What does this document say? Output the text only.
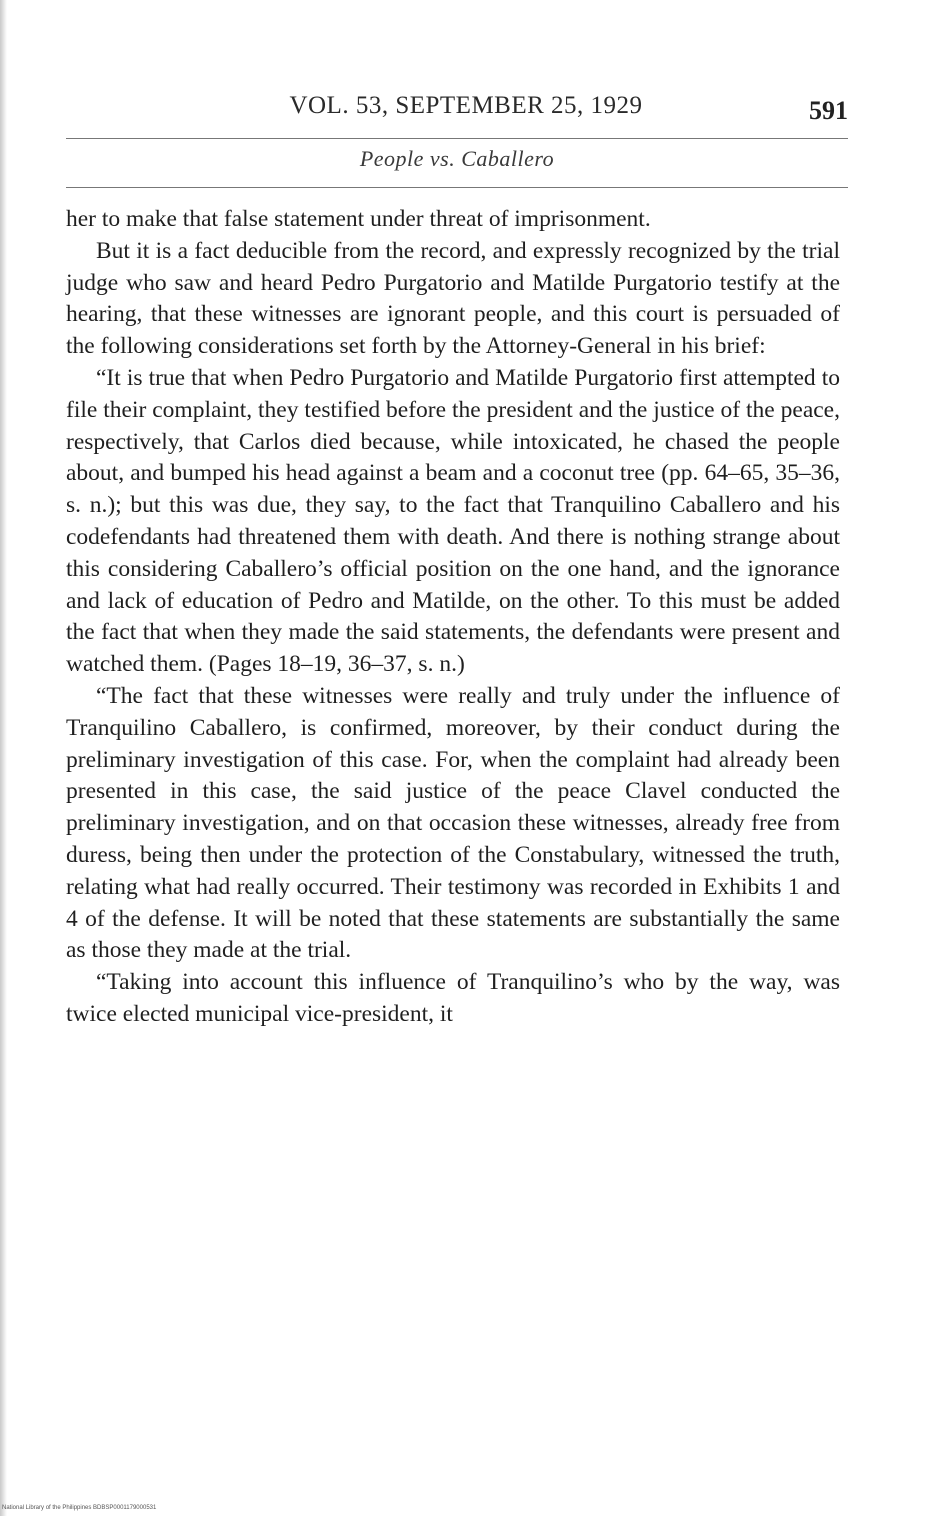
VOL. 53, SEPTEMBER 25, 1929	591
People vs. Caballero

her to make that false statement under threat of imprisonment.

But it is a fact deducible from the record, and expressly recognized by the trial judge who saw and heard Pedro Purgatorio and Matilde Purgatorio testify at the hearing, that these witnesses are ignorant people, and this court is persuaded of the following considerations set forth by the Attorney-General in his brief:

“It is true that when Pedro Purgatorio and Matilde Purgatorio first attempted to file their complaint, they testified before the president and the justice of the peace, respectively, that Carlos died because, while intoxicated, he chased the people about, and bumped his head against a beam and a coconut tree (pp. 64–65, 35–36, s. n.); but this was due, they say, to the fact that Tranquilino Caballero and his codefendants had threatened them with death. And there is nothing strange about this considering Caballero’s official position on the one hand, and the ignorance and lack of education of Pedro and Matilde, on the other. To this must be added the fact that when they made the said statements, the defendants were present and watched them. (Pages 18–19, 36–37, s. n.)

“The fact that these witnesses were really and truly under the influence of Tranquilino Caballero, is confirmed, moreover, by their conduct during the preliminary investigation of this case. For, when the complaint had already been presented in this case, the said justice of the peace Clavel conducted the preliminary investigation, and on that occasion these witnesses, already free from duress, being then under the protection of the Constabulary, witnessed the truth, relating what had really occurred. Their testimony was recorded in Exhibits 1 and 4 of the defense. It will be noted that these statements are substantially the same as those they made at the trial.

“Taking into account this influence of Tranquilino’s who by the way, was twice elected municipal vice-president, it

National Library of the Philippines BDBSP0001179000531
